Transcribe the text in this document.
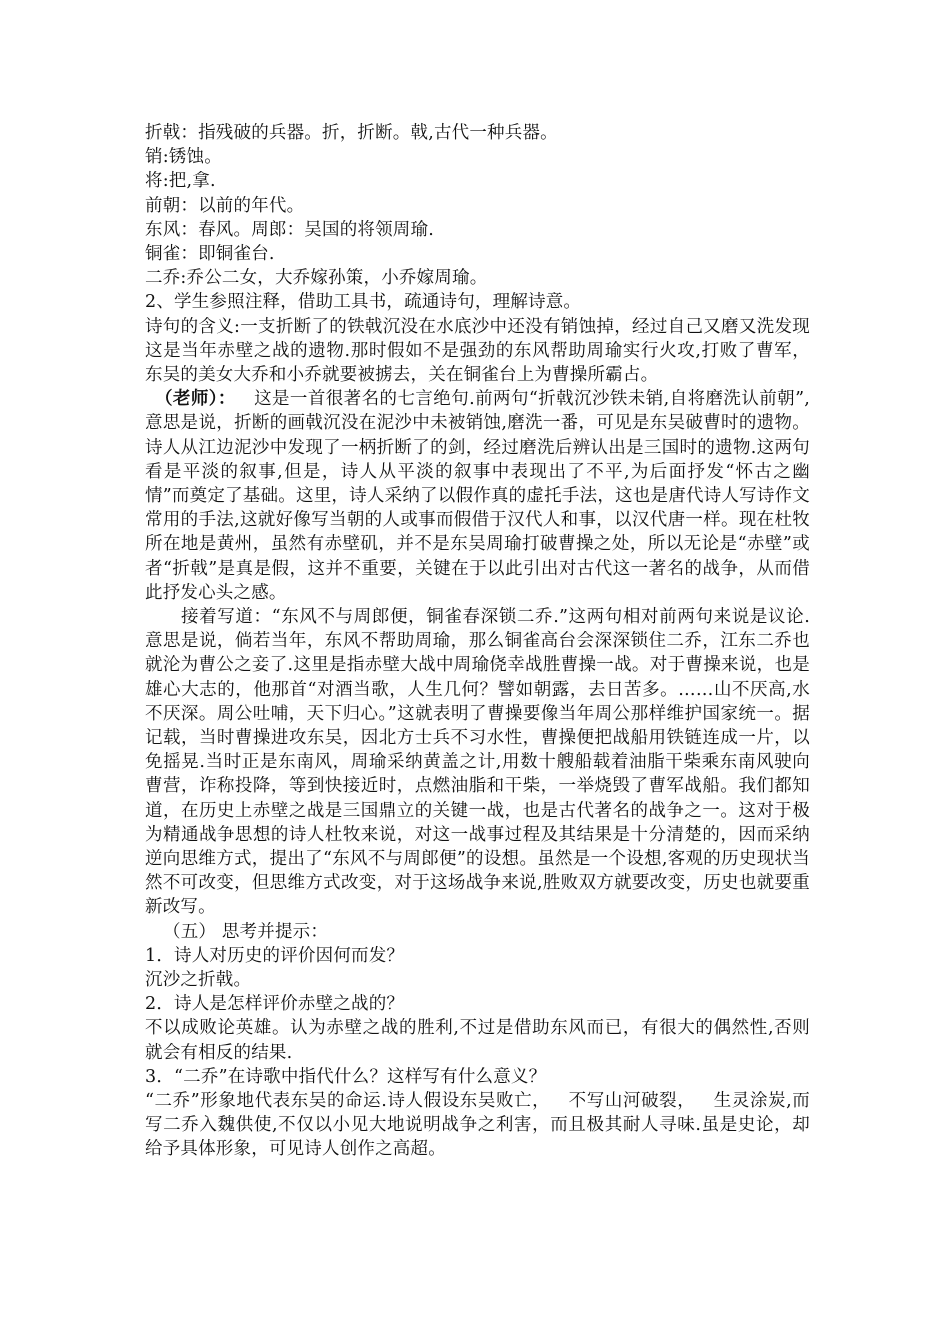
折戟：指残破的兵器。折，折断。戟,古代一种兵器。
销:锈蚀。
将:把,拿.
前朝：以前的年代。
东风：春风。周郎：吴国的将领周瑜.
铜雀：即铜雀台.
二乔:乔公二女，大乔嫁孙策，小乔嫁周瑜。
2、学生参照注释，借助工具书，疏通诗句，理解诗意。
诗句的含义:一支折断了的铁戟沉没在水底沙中还没有销蚀掉，经过自己又磨又洗发现这是当年赤壁之战的遗物.那时假如不是强劲的东风帮助周瑜实行火攻,打败了曹军，东吴的美女大乔和小乔就要被掳去，关在铜雀台上为曹操所霸占。
（老师）： 这是一首很著名的七言绝句.前两句“折戟沉沙铁未销,自将磨洗认前朝”,意思是说，折断的画戟沉没在泥沙中未被销蚀,磨洗一番，可见是东吴破曹时的遗物。诗人从江边泥沙中发现了一柄折断了的剑，经过磨洗后辨认出是三国时的遗物.这两句看是平淡的叙事,但是，诗人从平淡的叙事中表现出了不平,为后面抒发“怀古之幽情”而奠定了基础。这里，诗人采纳了以假作真的虚托手法，这也是唐代诗人写诗作文常用的手法,这就好像写当朝的人或事而假借于汉代人和事，以汉代唐一样。现在杜牧所在地是黄州，虽然有赤壁矶，并不是东吴周瑜打破曹操之处，所以无论是“赤壁”或者“折戟”是真是假，这并不重要，关键在于以此引出对古代这一著名的战争，从而借此抒发心头之感。
接着写道：“东风不与周郎便，铜雀春深锁二乔.”这两句相对前两句来说是议论.意思是说，倘若当年，东风不帮助周瑜，那么铜雀高台会深深锁住二乔，江东二乔也就沦为曹公之妾了.这里是指赤壁大战中周瑜侥幸战胜曹操一战。对于曹操来说，也是雄心大志的，他那首“对酒当歌，人生几何？譬如朝露，去日苦多。……山不厌高,水不厌深。周公吐哺，天下归心。”这就表明了曹操要像当年周公那样维护国家统一。据记载，当时曹操进攻东吴，因北方士兵不习水性，曹操便把战船用铁链连成一片，以免摇晃.当时正是东南风，周瑜采纳黄盖之计,用数十艘船载着油脂干柴乘东南风驶向曹营，诈称投降，等到快接近时，点燃油脂和干柴，一举烧毁了曹军战船。我们都知道，在历史上赤壁之战是三国鼎立的关键一战，也是古代著名的战争之一。这对于极为精通战争思想的诗人杜牧来说，对这一战事过程及其结果是十分清楚的，因而采纳逆向思维方式，提出了“东风不与周郎便”的设想。虽然是一个设想,客观的历史现状当然不可改变，但思维方式改变，对于这场战争来说,胜败双方就要改变，历史也就要重新改写。
（五） 思考并提示：
1．诗人对历史的评价因何而发？
沉沙之折戟。
2．诗人是怎样评价赤壁之战的？
不以成败论英雄。认为赤壁之战的胜利,不过是借助东风而已，有很大的偶然性,否则就会有相反的结果.
3．“二乔”在诗歌中指代什么？这样写有什么意义？
“二乔”形象地代表东吴的命运.诗人假设东吴败亡， 不写山河破裂， 生灵涂炭,而写二乔入魏供使,不仅以小见大地说明战争之利害，而且极其耐人寻味.虽是史论，却给予具体形象，可见诗人创作之高超。
